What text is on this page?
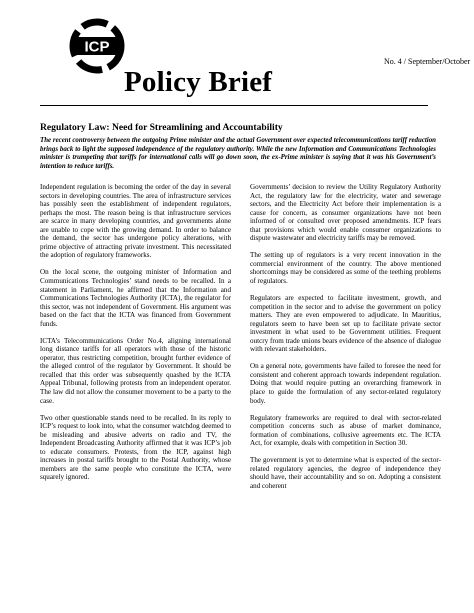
ICP
No. 4 / September/October
Policy Brief
Regulatory Law: Need for Streamlining and Accountability
The recent controversy between the outgoing Prime minister and the actual Government over expected telecommunications tariff reduction brings back to light the supposed independence of the regulatory authority. While the new Information and Communications Technologies minister is trumpeting that tariffs for international calls will go down soon, the ex-Prime minister is saying that it was his Government’s intention to reduce tariffs.

Independent regulation is becoming the order of the day in several sectors in developing countries. The area of infrastructure services has possibly seen the establishment of independent regulators, perhaps the most. The reason being is that infrastructure services are scarce in many developing countries, and governments alone are unable to cope with the growing demand. In order to balance the demand, the sector has undergone policy alterations, with prime objective of attracting private investment. This necessitated the adoption of regulatory frameworks.

On the local scene, the outgoing minister of Information and Communications Technologies’ stand needs to be recalled. In a statement in Parliament, he affirmed that the Information and Communications Technologies Authority (ICTA), the regulator for this sector, was not independent of Government. His argument was based on the fact that the ICTA was financed from Government funds.

ICTA’s Telecommunications Order No.4, aligning international long distance tariffs for all operators with those of the historic operator, thus restricting competition, brought further evidence of the alleged control of the regulator by Government. It should be recalled that this order was subsequently quashed by the ICTA Appeal Tribunal, following protests from an independent operator. The law did not allow the consumer movement to be a party to the case.

Two other questionable stands need to be recalled. In its reply to ICP’s request to look into, what the consumer watchdog deemed to be misleading and abusive adverts on radio and TV, the Independent Broadcasting Authority affirmed that it was ICP’s job to educate consumers. Protests, from the ICP, against high increases in postal tariffs brought to the Postal Authority, whose members are the same people who constitute the ICTA, were squarely ignored.

Governments’ decision to review the Utility Regulatory Authority Act, the regulatory law for the electricity, water and sewerage sectors, and the Electricity Act before their implementation is a cause for concern, as consumer organizations have not been informed of or consulted over proposed amendments. ICP fears that provisions which would enable consumer organizations to dispute wastewater and electricity tariffs may be removed.

The setting up of regulators is a very recent innovation in the commercial environment of the country. The above mentioned shortcomings may be considered as some of the teething problems of regulators.

Regulators are expected to facilitate investment, growth, and competition in the sector and to advise the government on policy matters. They are even empowered to adjudicate. In Mauritius, regulators seem to have been set up to facilitate private sector investment in what used to be Government utilities. Frequent outcry from trade unions bears evidence of the absence of dialogue with relevant stakeholders.

On a general note, governments have failed to foresee the need for consistent and coherent approach towards independent regulation. Doing that would require putting an overarching framework in place to guide the formulation of any sector-related regulatory body.

Regulatory frameworks are required to deal with sector-related competition concerns such as abuse of market dominance, formation of combinations, collusive agreements etc. The ICTA Act, for example, deals with competition in Section 30.

The government is yet to determine what is expected of the sector-related regulatory agencies, the degree of independence they should have, their accountability and so on. Adopting a consistent and coherent
